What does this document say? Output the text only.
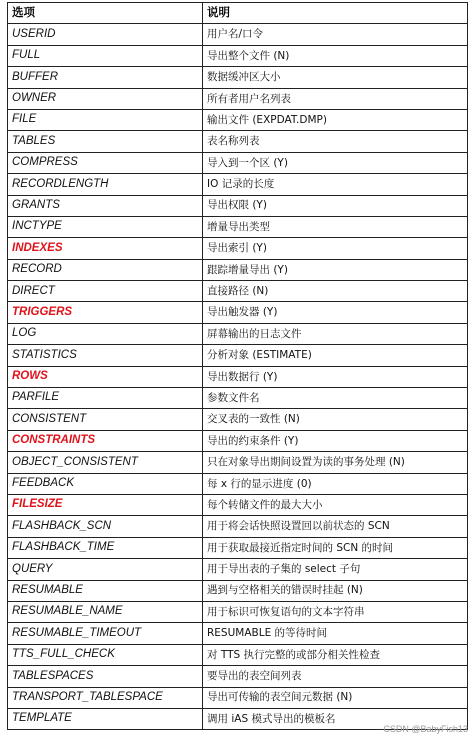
选项	说明
USERID	用户名/口令
FULL	导出整个文件 (N)
BUFFER	数据缓冲区大小
OWNER	所有者用户名列表
FILE	输出文件 (EXPDAT.DMP)
TABLES	表名称列表
COMPRESS	导入到一个区 (Y)
RECORDLENGTH	IO 记录的长度
GRANTS	导出权限 (Y)
INCTYPE	增量导出类型
INDEXES	导出索引 (Y)
RECORD	跟踪增量导出 (Y)
DIRECT	直接路径 (N)
TRIGGERS	导出触发器 (Y)
LOG	屏幕输出的日志文件
STATISTICS	分析对象 (ESTIMATE)
ROWS	导出数据行 (Y)
PARFILE	参数文件名
CONSISTENT	交叉表的一致性 (N)
CONSTRAINTS	导出的约束条件 (Y)
OBJECT_CONSISTENT	只在对象导出期间设置为读的事务处理 (N)
FEEDBACK	每 x 行的显示进度 (0)
FILESIZE	每个转储文件的最大大小
FLASHBACK_SCN	用于将会话快照设置回以前状态的 SCN
FLASHBACK_TIME	用于获取最接近指定时间的 SCN 的时间
QUERY	用于导出表的子集的 select 子句
RESUMABLE	遇到与空格相关的错误时挂起 (N)
RESUMABLE_NAME	用于标识可恢复语句的文本字符串
RESUMABLE_TIMEOUT	RESUMABLE 的等待时间
TTS_FULL_CHECK	对 TTS 执行完整的或部分相关性检查
TABLESPACES	要导出的表空间列表
TRANSPORT_TABLESPACE	导出可传输的表空间元数据 (N)
TEMPLATE	调用 iAS 模式导出的模板名
CSDN @BabyFish13
